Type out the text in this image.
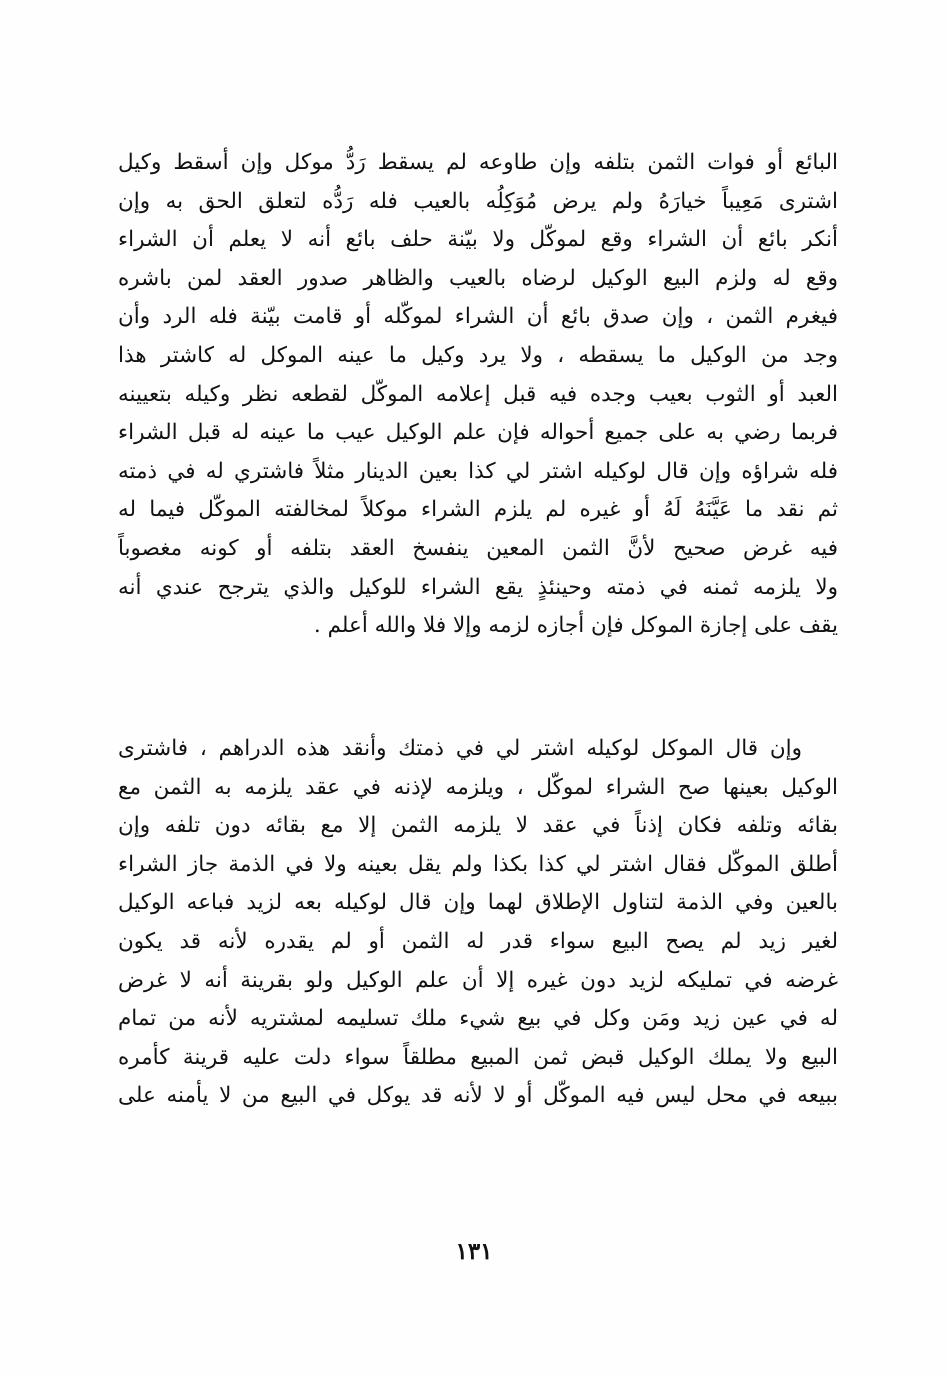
البائع أو فوات الثمن بتلفه وإن طاوعه لم يسقط رَدُّ موكل وإن أسقط وكيل
اشترى مَعِيباً خيارَهُ ولم يرض مُوَكِلُه بالعيب فله رَدُّه لتعلق الحق به وإن
أنكر بائع أن الشراء وقع لموكّل ولا بيّنة حلف بائع أنه لا يعلم أن الشراء
وقع له ولزم البيع الوكيل لرضاه بالعيب والظاهر صدور العقد لمن باشره
فيغرم الثمن ، وإن صدق بائع أن الشراء لموكّله أو قامت بيّنة فله الرد وأن
وجد من الوكيل ما يسقطه ، ولا يرد وكيل ما عينه الموكل له كاشتر هذا
العبد أو الثوب بعيب وجده فيه قبل إعلامه الموكّل لقطعه نظر وكيله بتعيينه
فربما رضي به على جميع أحواله فإن علم الوكيل عيب ما عينه له قبل الشراء
فله شراؤه وإن قال لوكيله اشتر لي كذا بعين الدينار مثلاً فاشتري له في ذمته
ثم نقد ما عَيَّنَهُ لَهُ أو غيره لم يلزم الشراء موكلاً لمخالفته الموكّل فيما له
فيه غرض صحيح لأنَّ الثمن المعين ينفسخ العقد بتلفه أو كونه مغصوباً
ولا يلزمه ثمنه في ذمته وحينئذٍ يقع الشراء للوكيل والذي يترجح عندي أنه
يقف على إجازة الموكل فإن أجازه لزمه وإلا فلا والله أعلم .
وإن قال الموكل لوكيله اشتر لي في ذمتك وأنقد هذه الدراهم ، فاشترى
الوكيل بعينها صح الشراء لموكّل ، ويلزمه لإذنه في عقد يلزمه به الثمن مع
بقائه وتلفه فكان إذناً في عقد لا يلزمه الثمن إلا مع بقائه دون تلفه وإن
أطلق الموكّل فقال اشتر لي كذا بكذا ولم يقل بعينه ولا في الذمة جاز الشراء
بالعين وفي الذمة لتناول الإطلاق لهما وإن قال لوكيله بعه لزيد فباعه الوكيل
لغير زيد لم يصح البيع سواء قدر له الثمن أو لم يقدره لأنه قد يكون
غرضه في تمليكه لزيد دون غيره إلا أن علم الوكيل ولو بقرينة أنه لا غرض
له في عين زيد ومَن وكل في بيع شيء ملك تسليمه لمشتريه لأنه من تمام
البيع ولا يملك الوكيل قبض ثمن المبيع مطلقاً سواء دلت عليه قرينة كأمره
ببيعه في محل ليس فيه الموكّل أو لا لأنه قد يوكل في البيع من لا يأمنه على
١٣١
